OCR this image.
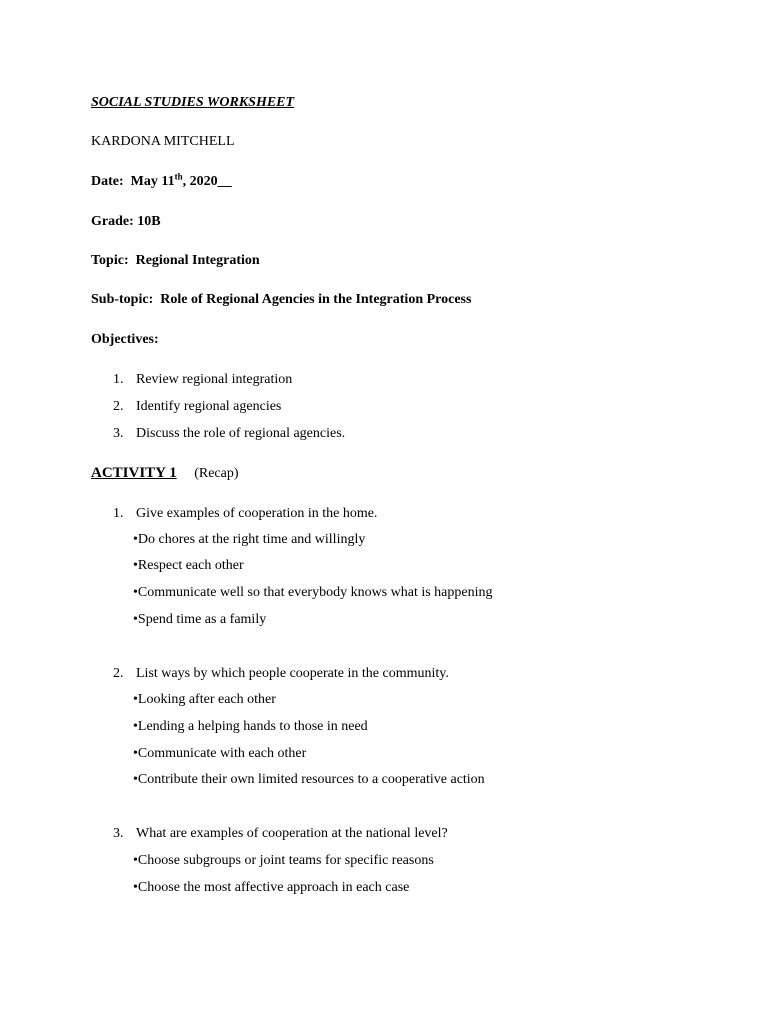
SOCIAL STUDIES WORKSHEET
KARDONA MITCHELL
Date: May 11th, 2020__
Grade: 10B
Topic: Regional Integration
Sub-topic: Role of Regional Agencies in the Integration Process
Objectives:
1. Review regional integration
2. Identify regional agencies
3. Discuss the role of regional agencies.
ACTIVITY 1 (Recap)
1. Give examples of cooperation in the home.
•Do chores at the right time and willingly
•Respect each other
•Communicate well so that everybody knows what is happening
•Spend time as a family
2. List ways by which people cooperate in the community.
•Looking after each other
•Lending a helping hands to those in need
•Communicate with each other
•Contribute their own limited resources to a cooperative action
3. What are examples of cooperation at the national level?
•Choose subgroups or joint teams for specific reasons
•Choose the most affective approach in each case
